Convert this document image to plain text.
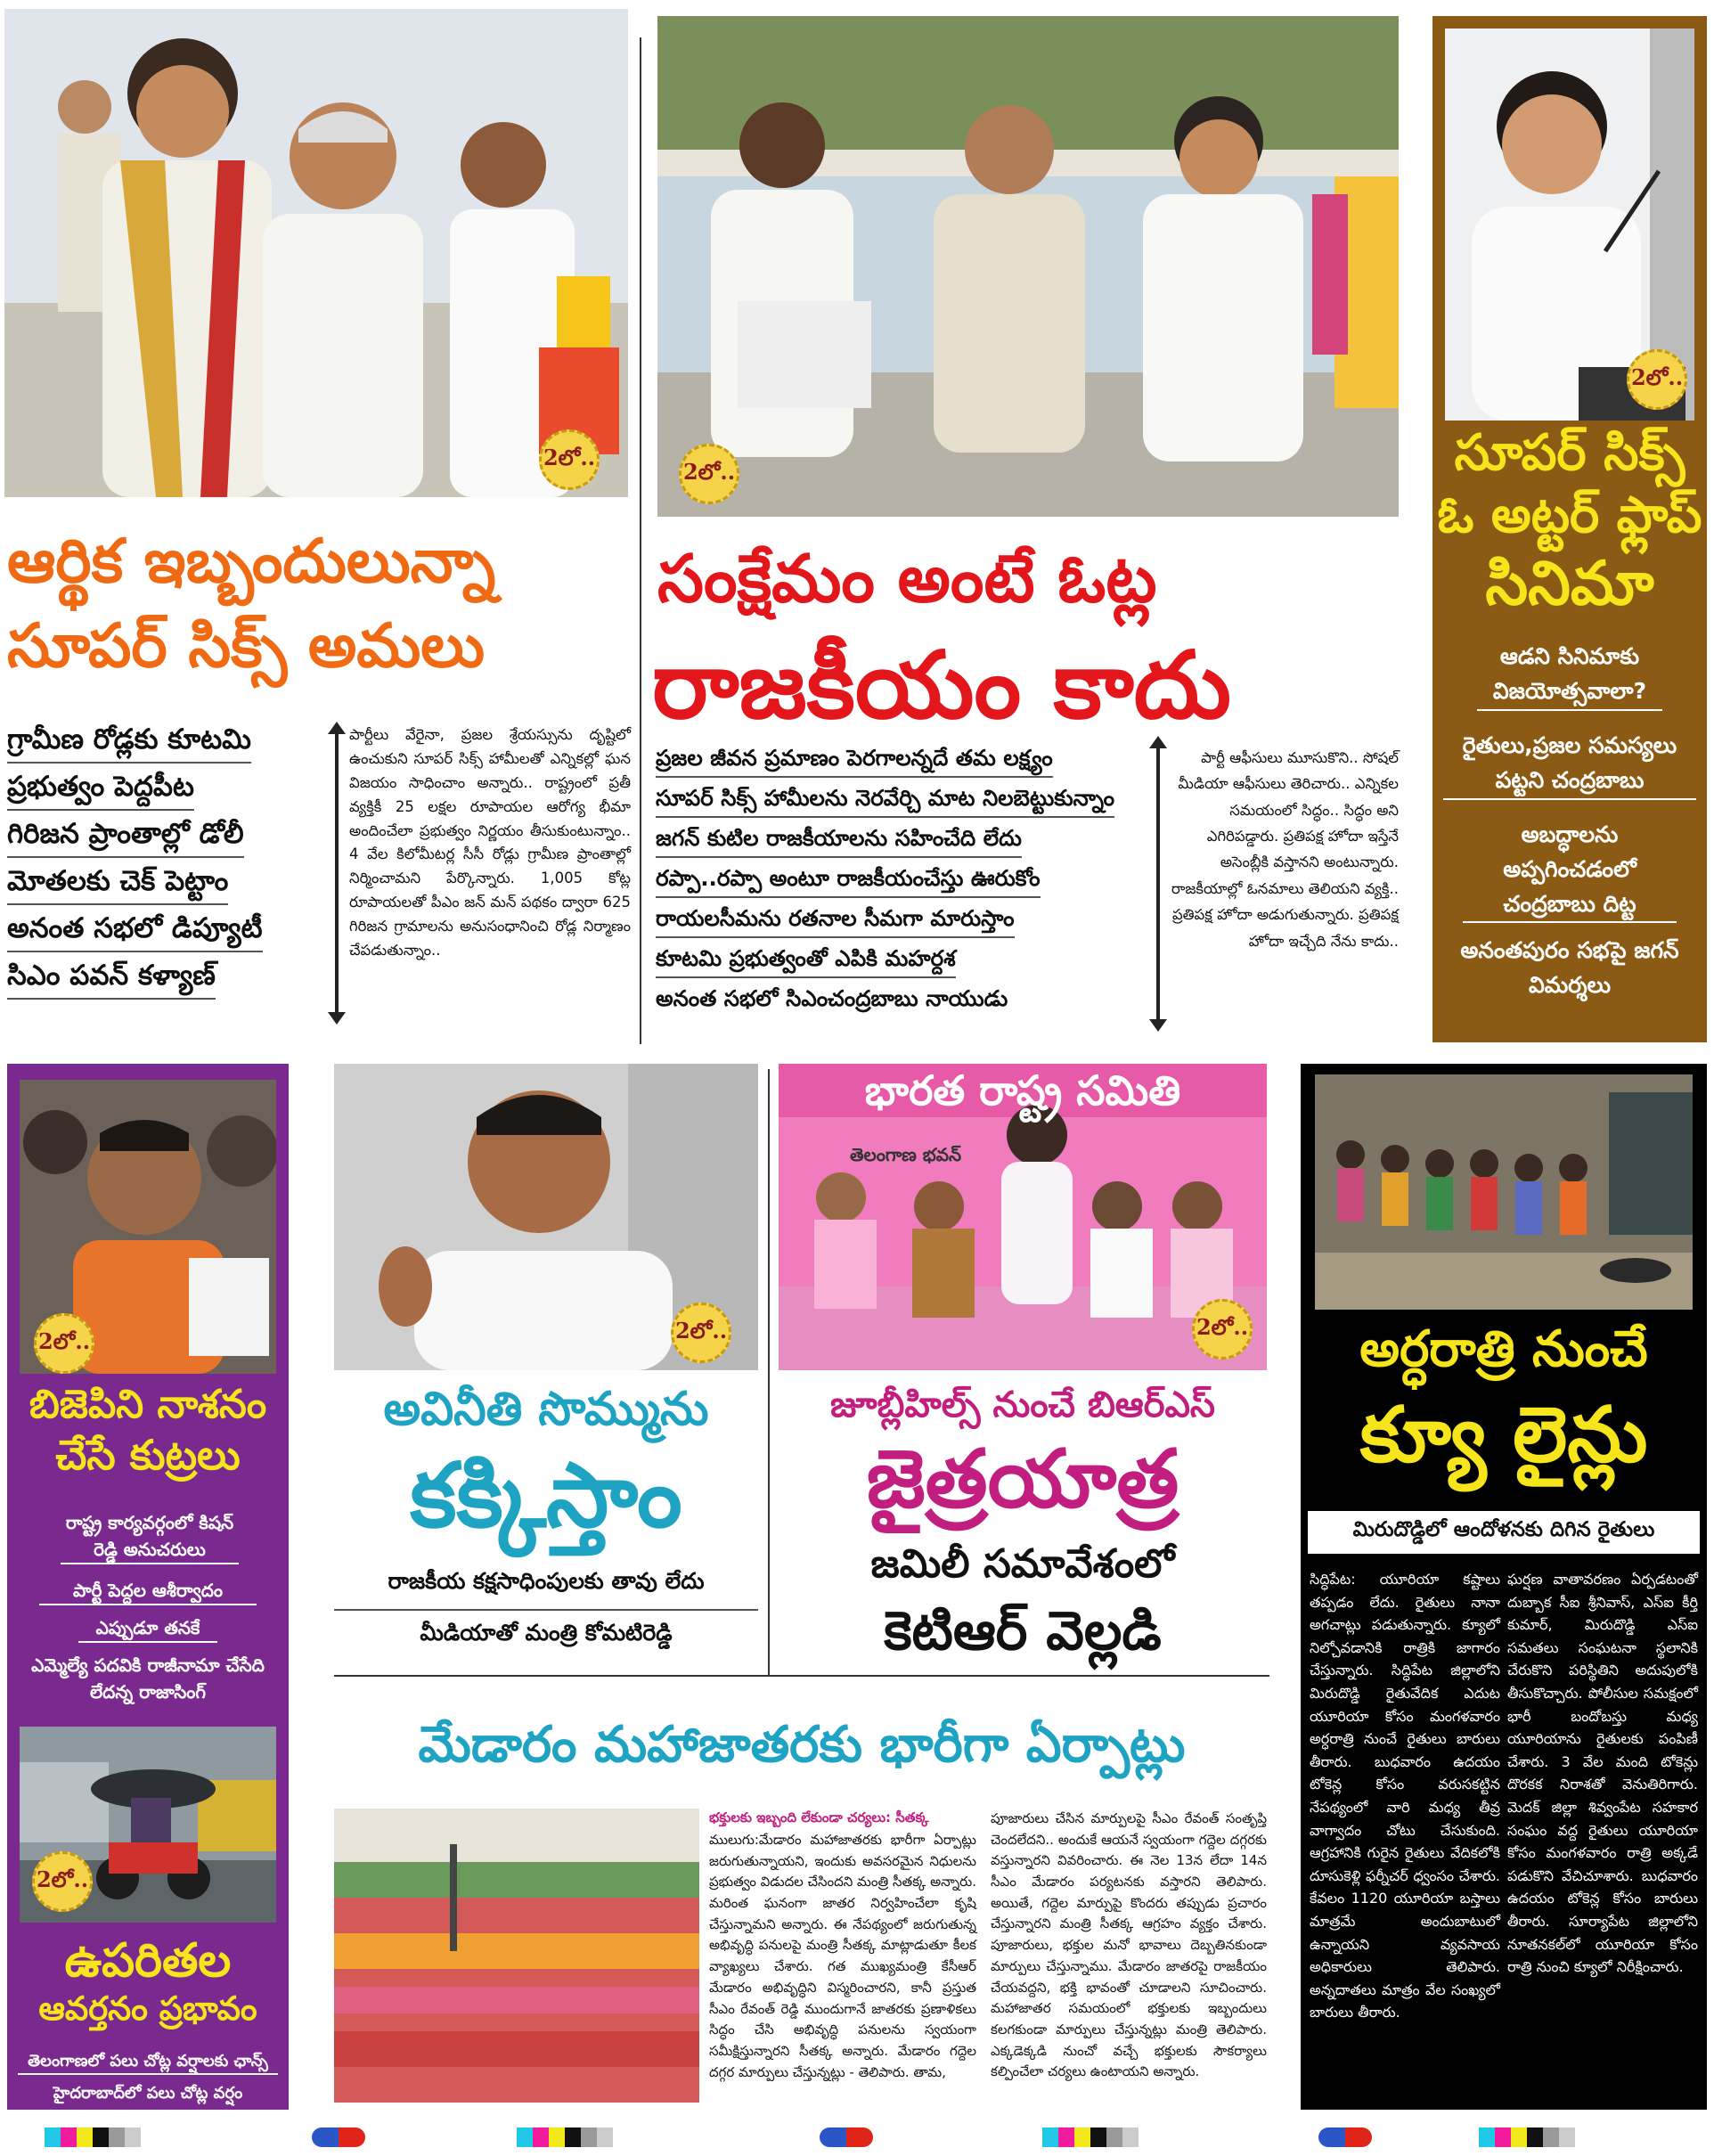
2లో..
2లో..
2లో..
సూపర్ సిక్స్
ఓ అట్టర్ ఫ్లాప్
సినిమా
ఆడని సినిమాకు విజయోత్సవాలా?
రైతులు,ప్రజల సమస్యలు పట్టని చంద్రబాబు
అబద్ధాలను అప్పగించడంలో చంద్రబాబు దిట్ట
అనంతపురం సభపై జగన్ విమర్శలు
ఆర్థిక ఇబ్బందులున్నా
సూపర్ సిక్స్ అమలు
గ్రామీణ రోడ్లకు కూటమి
ప్రభుత్వం పెద్దపీట
గిరిజన ప్రాంతాల్లో డోలీ
మోతలకు చెక్ పెట్టాం
అనంత సభలో డిప్యూటీ
సిఎం పవన్ కళ్యాణ్
పార్టీలు వేరైనా, ప్రజల శ్రేయస్సును దృష్టిలో ఉంచుకుని సూపర్ సిక్స్ హామీలతో ఎన్నికల్లో ఘన విజయం సాధించాం అన్నారు.. రాష్ట్రంలో ప్రతీ వ్యక్తికీ 25 లక్షల రూపాయల ఆరోగ్య భీమా అందించేలా ప్రభుత్వం నిర్ణయం తీసుకుంటున్నాం.. 4 వేల కిలోమీటర్ల సీసీ రోడ్లు గ్రామీణ ప్రాంతాల్లో నిర్మించామని పేర్కొన్నారు. 1,005 కోట్ల రూపాయలతో పీఎం జన్ మన్ పథకం ద్వారా 625 గిరిజన గ్రామాలను అనుసంధానించి రోడ్ల నిర్మాణం చేపడుతున్నాం..
సంక్షేమం అంటే ఓట్ల
రాజకీయం కాదు
ప్రజల జీవన ప్రమాణం పెరగాలన్నదే తమ లక్ష్యం
సూపర్ సిక్స్ హామీలను నెరవేర్చి మాట నిలబెట్టుకున్నాం
జగన్ కుటిల రాజకీయాలను సహించేది లేదు
రప్పా..రప్పా అంటూ రాజకీయంచేస్తు ఊరుకోం
రాయలసీమను రతనాల సీమగా మారుస్తాం
కూటమి ప్రభుత్వంతో ఎపికి మహర్దశ
అనంత సభలో సిఎంచంద్రబాబు నాయుడు
పార్టీ ఆఫీసులు మూసుకొని.. సోషల్ మీడియా ఆఫీసులు తెరిచారు.. ఎన్నికల సమయంలో సిద్ధం.. సిద్ధం అని ఎగిరిపడ్డారు. ప్రతిపక్ష హోదా ఇస్తేనే అసెంబ్లీకి వస్తానని అంటున్నారు. రాజకీయాల్లో ఓనమాలు తెలియని వ్యక్తి.. ప్రతిపక్ష హోదా అడుగుతున్నారు. ప్రతిపక్ష హోదా ఇచ్చేది నేను కాదు..
2లో..
బిజెపిని నాశనం
చేసే కుట్రలు
రాష్ట్ర కార్యవర్గంలో కిషన్ రెడ్డి అనుచరులు
పార్టీ పెద్దల ఆశీర్వాదం
ఎప్పుడూ తనకే
ఎమ్మెల్యే పదవికి రాజీనామా చేసేది లేదన్న రాజాసింగ్
2లో..
ఉపరితల
ఆవర్తనం ప్రభావం
తెలంగాణలో పలు చోట్ల వర్షాలకు ఛాన్స్
హైదరాబాద్‌లో పలు చోట్ల వర్షం
2లో..
అవినీతి సొమ్మును
కక్కిస్తాం
రాజకీయ కక్షసాధింపులకు తావు లేదు
మీడియాతో మంత్రి కోమటిరెడ్డి
భారత రాష్ట్ర సమితి
తెలంగాణ భవన్
2లో..
జూబ్లీహిల్స్ నుంచే బిఆర్ఎస్
జైత్రయాత్ర
జమిలీ సమావేశంలో
కెటిఆర్ వెల్లడి
అర్ధరాత్రి నుంచే
క్యూ లైన్లు
మిరుదొడ్డిలో ఆందోళనకు దిగిన రైతులు
సిద్ధిపేట: యూరియా కష్టాలు తప్పడం లేదు. రైతులు నానా అగచాట్లు పడుతున్నారు. క్యూలో నిల్చోవడానికి రాత్రికి జాగారం చేస్తున్నారు. సిద్ధిపేట జిల్లాలోని మిరుదొడ్డి రైతువేదిక ఎదుట యూరియా కోసం మంగళవారం అర్ధరాత్రి నుంచే రైతులు బారులు తీరారు. బుధవారం ఉదయం టోకెన్ల కోసం వరుసకట్టిన నేపథ్యంలో వారి మధ్య తీవ్ర వాగ్వాదం చోటు చేసుకుంది. ఆగ్రహానికి గురైన రైతులు వేదికలోకి దూసుకెళ్లి ఫర్నీచర్ ధ్వంసం చేశారు. కేవలం 1120 యూరియా బస్తాలు మాత్రమే అందుబాటులో ఉన్నాయని వ్యవసాయ అధికారులు తెలిపారు. అన్నదాతలు మాత్రం వేల సంఖ్యలో బారులు తీరారు.
ఘర్షణ వాతావరణం ఏర్పడటంతో దుబ్బాక సీఐ శ్రీనివాస్, ఎస్ఐ కీర్తి కుమార్, మిరుదొడ్డి ఎస్ఐ సమతలు సంఘటనా స్థలానికి చేరుకొని పరిస్థితిని అదుపులోకి తీసుకొచ్చారు. పోలీసుల సమక్షంలో భారీ బందోబస్తు మధ్య యూరియాను రైతులకు పంపిణీ చేశారు. 3 వేల మంది టోకెన్లు దొరకక నిరాశతో వెనుతిరిగారు. మెదక్ జిల్లా శివ్వంపేట సహకార సంఘం వద్ద రైతులు యూరియా కోసం మంగళవారం రాత్రి అక్కడే పడుకొని వేచిచూశారు. బుధవారం ఉదయం టోకెన్ల కోసం బారులు తీరారు. సూర్యాపేట జిల్లాలోని నూతనకల్‌లో యూరియా కోసం రాత్రి నుంచి క్యూలో నిరీక్షించారు.
మేడారం మహాజాతరకు భారీగా ఏర్పాట్లు
భక్తులకు ఇబ్బంది లేకుండా చర్యలు: సీతక్క
ములుగు:మేడారం మహాజాతరకు భారీగా ఏర్పాట్లు జరుగుతున్నాయని, ఇందుకు అవసరమైన నిధులను ప్రభుత్వం విడుదల చేసిందని మంత్రి సీతక్క అన్నారు. మరింత ఘనంగా జాతర నిర్వహించేలా కృషి చేస్తున్నామని అన్నారు. ఈ నేపథ్యంలో జరుగుతున్న అభివృద్ధి పనులపై మంత్రి సీతక్క మాట్లాడుతూ కీలక వ్యాఖ్యలు చేశారు. గత ముఖ్యమంత్రి కేసీఆర్ మేడారం అభివృద్ధిని విస్మరించారని, కానీ ప్రస్తుత సీఎం రేవంత్ రెడ్డి ముందుగానే జాతరకు ప్రణాళికలు సిద్ధం చేసి అభివృద్ధి పనులను స్వయంగా సమీక్షిస్తున్నారని సీతక్క అన్నారు. మేడారం గద్దెల దగ్గర మార్పులు చేస్తున్నట్లు - తెలిపారు. తామ,
పూజారులు చేసిన మార్పులపై సీఎం రేవంత్ సంతృప్తి చెందలేదని.. అందుకే ఆయనే స్వయంగా గద్దెల దగ్గరకు వస్తున్నారని వివరించారు. ఈ నెల 13న లేదా 14న సీఎం మేడారం పర్యటనకు వస్తారని తెలిపారు. అయితే, గద్దెల మార్పుపై కొందరు తప్పుడు ప్రచారం చేస్తున్నారని మంత్రి సీతక్క ఆగ్రహం వ్యక్తం చేశారు. పూజారులు, భక్తుల మనో భావాలు దెబ్బతినకుండా మార్పులు చేస్తున్నాము. మేడారం జాతరపై రాజకీయం చేయవద్దని, భక్తి భావంతో చూడాలని సూచించారు. మహాజాతర సమయంలో భక్తులకు ఇబ్బందులు కలగకుండా మార్పులు చేస్తున్నట్లు మంత్రి తెలిపారు. ఎక్కడెక్కడి నుంచో వచ్చే భక్తులకు సౌకర్యాలు కల్పించేలా చర్యలు ఉంటాయని అన్నారు.
